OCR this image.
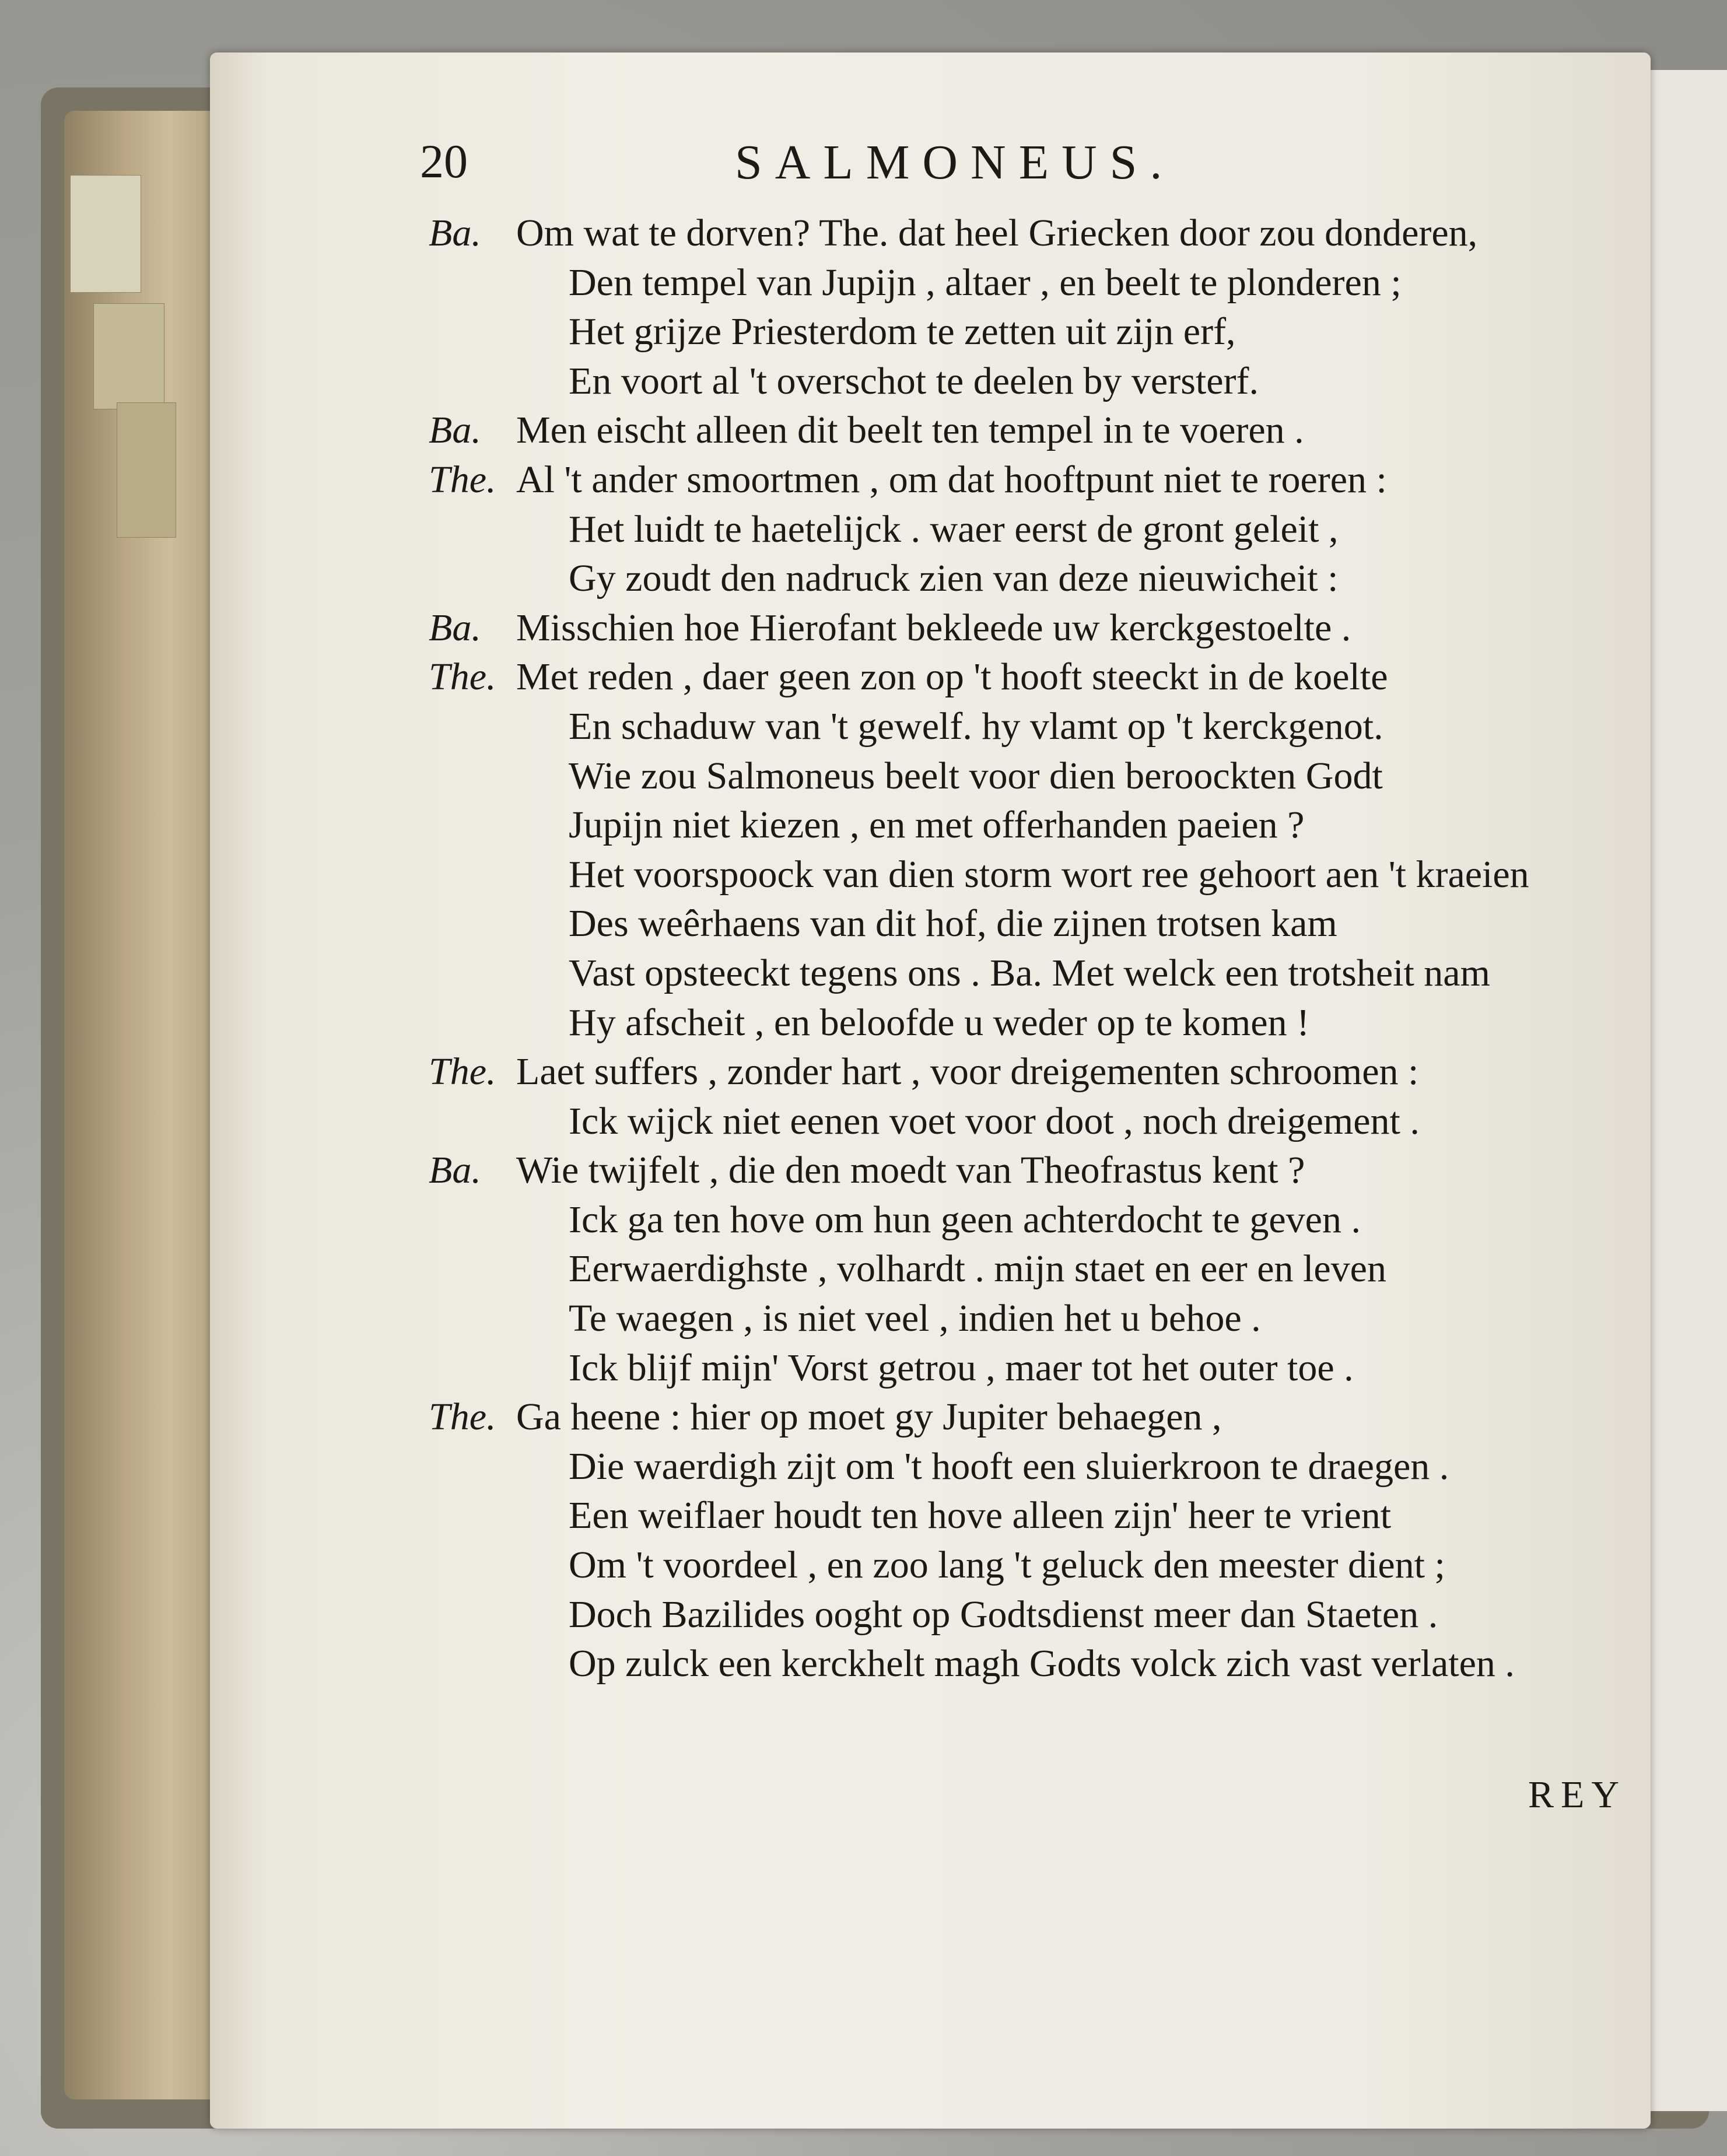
20	SALMONEUS.
Ba. Om wat te dorven? The. dat heel Griecken door zou donderen,
Den tempel van Jupijn , altaer , en beelt te plonderen ;
Het grijze Priesterdom te zetten uit zijn erf,
En voort al 't overschot te deelen by versterf.
Ba. Men eischt alleen dit beelt ten tempel in te voeren .
The. Al 't ander smoortmen , om dat hooftpunt niet te roeren :
Het luidt te haetelijck . waer eerst de gront geleit ,
Gy zoudt den nadruck zien van deze nieuwicheit :
Ba. Misschien hoe Hierofant bekleede uw kerckgestoelte .
The. Met reden , daer geen zon op 't hooft steeckt in de koelte
En schaduw van 't gewelf. hy vlamt op 't kerckgenot.
Wie zou Salmoneus beelt voor dien beroockten Godt
Jupijn niet kiezen , en met offerhanden paeien ?
Het voorspoock van dien storm wort ree gehoort aen 't kraeien
Des weêrhaens van dit hof, die zijnen trotsen kam
Vast opsteeckt tegens ons . Ba. Met welck een trotsheit nam
Hy afscheit , en beloofde u weder op te komen !
The. Laet suffers , zonder hart , voor dreigementen schroomen :
Ick wijck niet eenen voet voor doot , noch dreigement .
Ba. Wie twijfelt , die den moedt van Theofrastus kent ?
Ick ga ten hove om hun geen achterdocht te geven .
Eerwaerdighste , volhardt . mijn staet en eer en leven
Te waegen , is niet veel , indien het u behoe .
Ick blijf mijn' Vorst getrou , maer tot het outer toe .
The. Ga heene : hier op moet gy Jupiter behaegen ,
Die waerdigh zijt om 't hooft een sluierkroon te draegen .
Een weiflaer houdt ten hove alleen zijn' heer te vrient
Om 't voordeel , en zoo lang 't geluck den meester dient ;
Doch Bazilides ooght op Godtsdienst meer dan Staeten .
Op zulck een kerckhelt magh Godts volck zich vast verlaten .
REY
